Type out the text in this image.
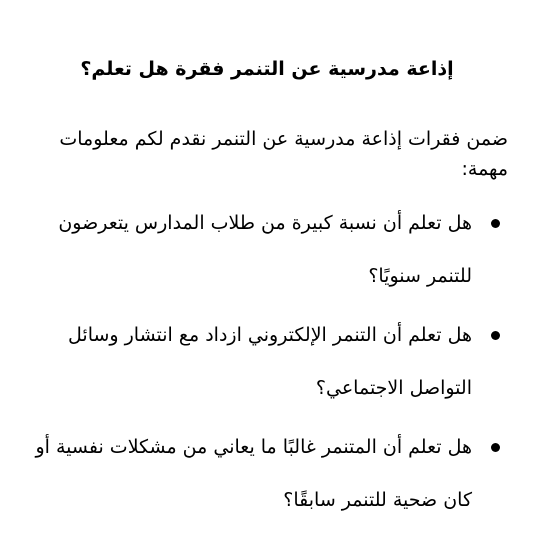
إذاعة مدرسية عن التنمر فقرة هل تعلم؟
ضمن فقرات إذاعة مدرسية عن التنمر نقدم لكم معلومات مهمة:
هل تعلم أن نسبة كبيرة من طلاب المدارس يتعرضون للتنمر سنويًا؟
هل تعلم أن التنمر الإلكتروني ازداد مع انتشار وسائل التواصل الاجتماعي؟
هل تعلم أن المتنمر غالبًا ما يعاني من مشكلات نفسية أو كان ضحية للتنمر سابقًا؟
